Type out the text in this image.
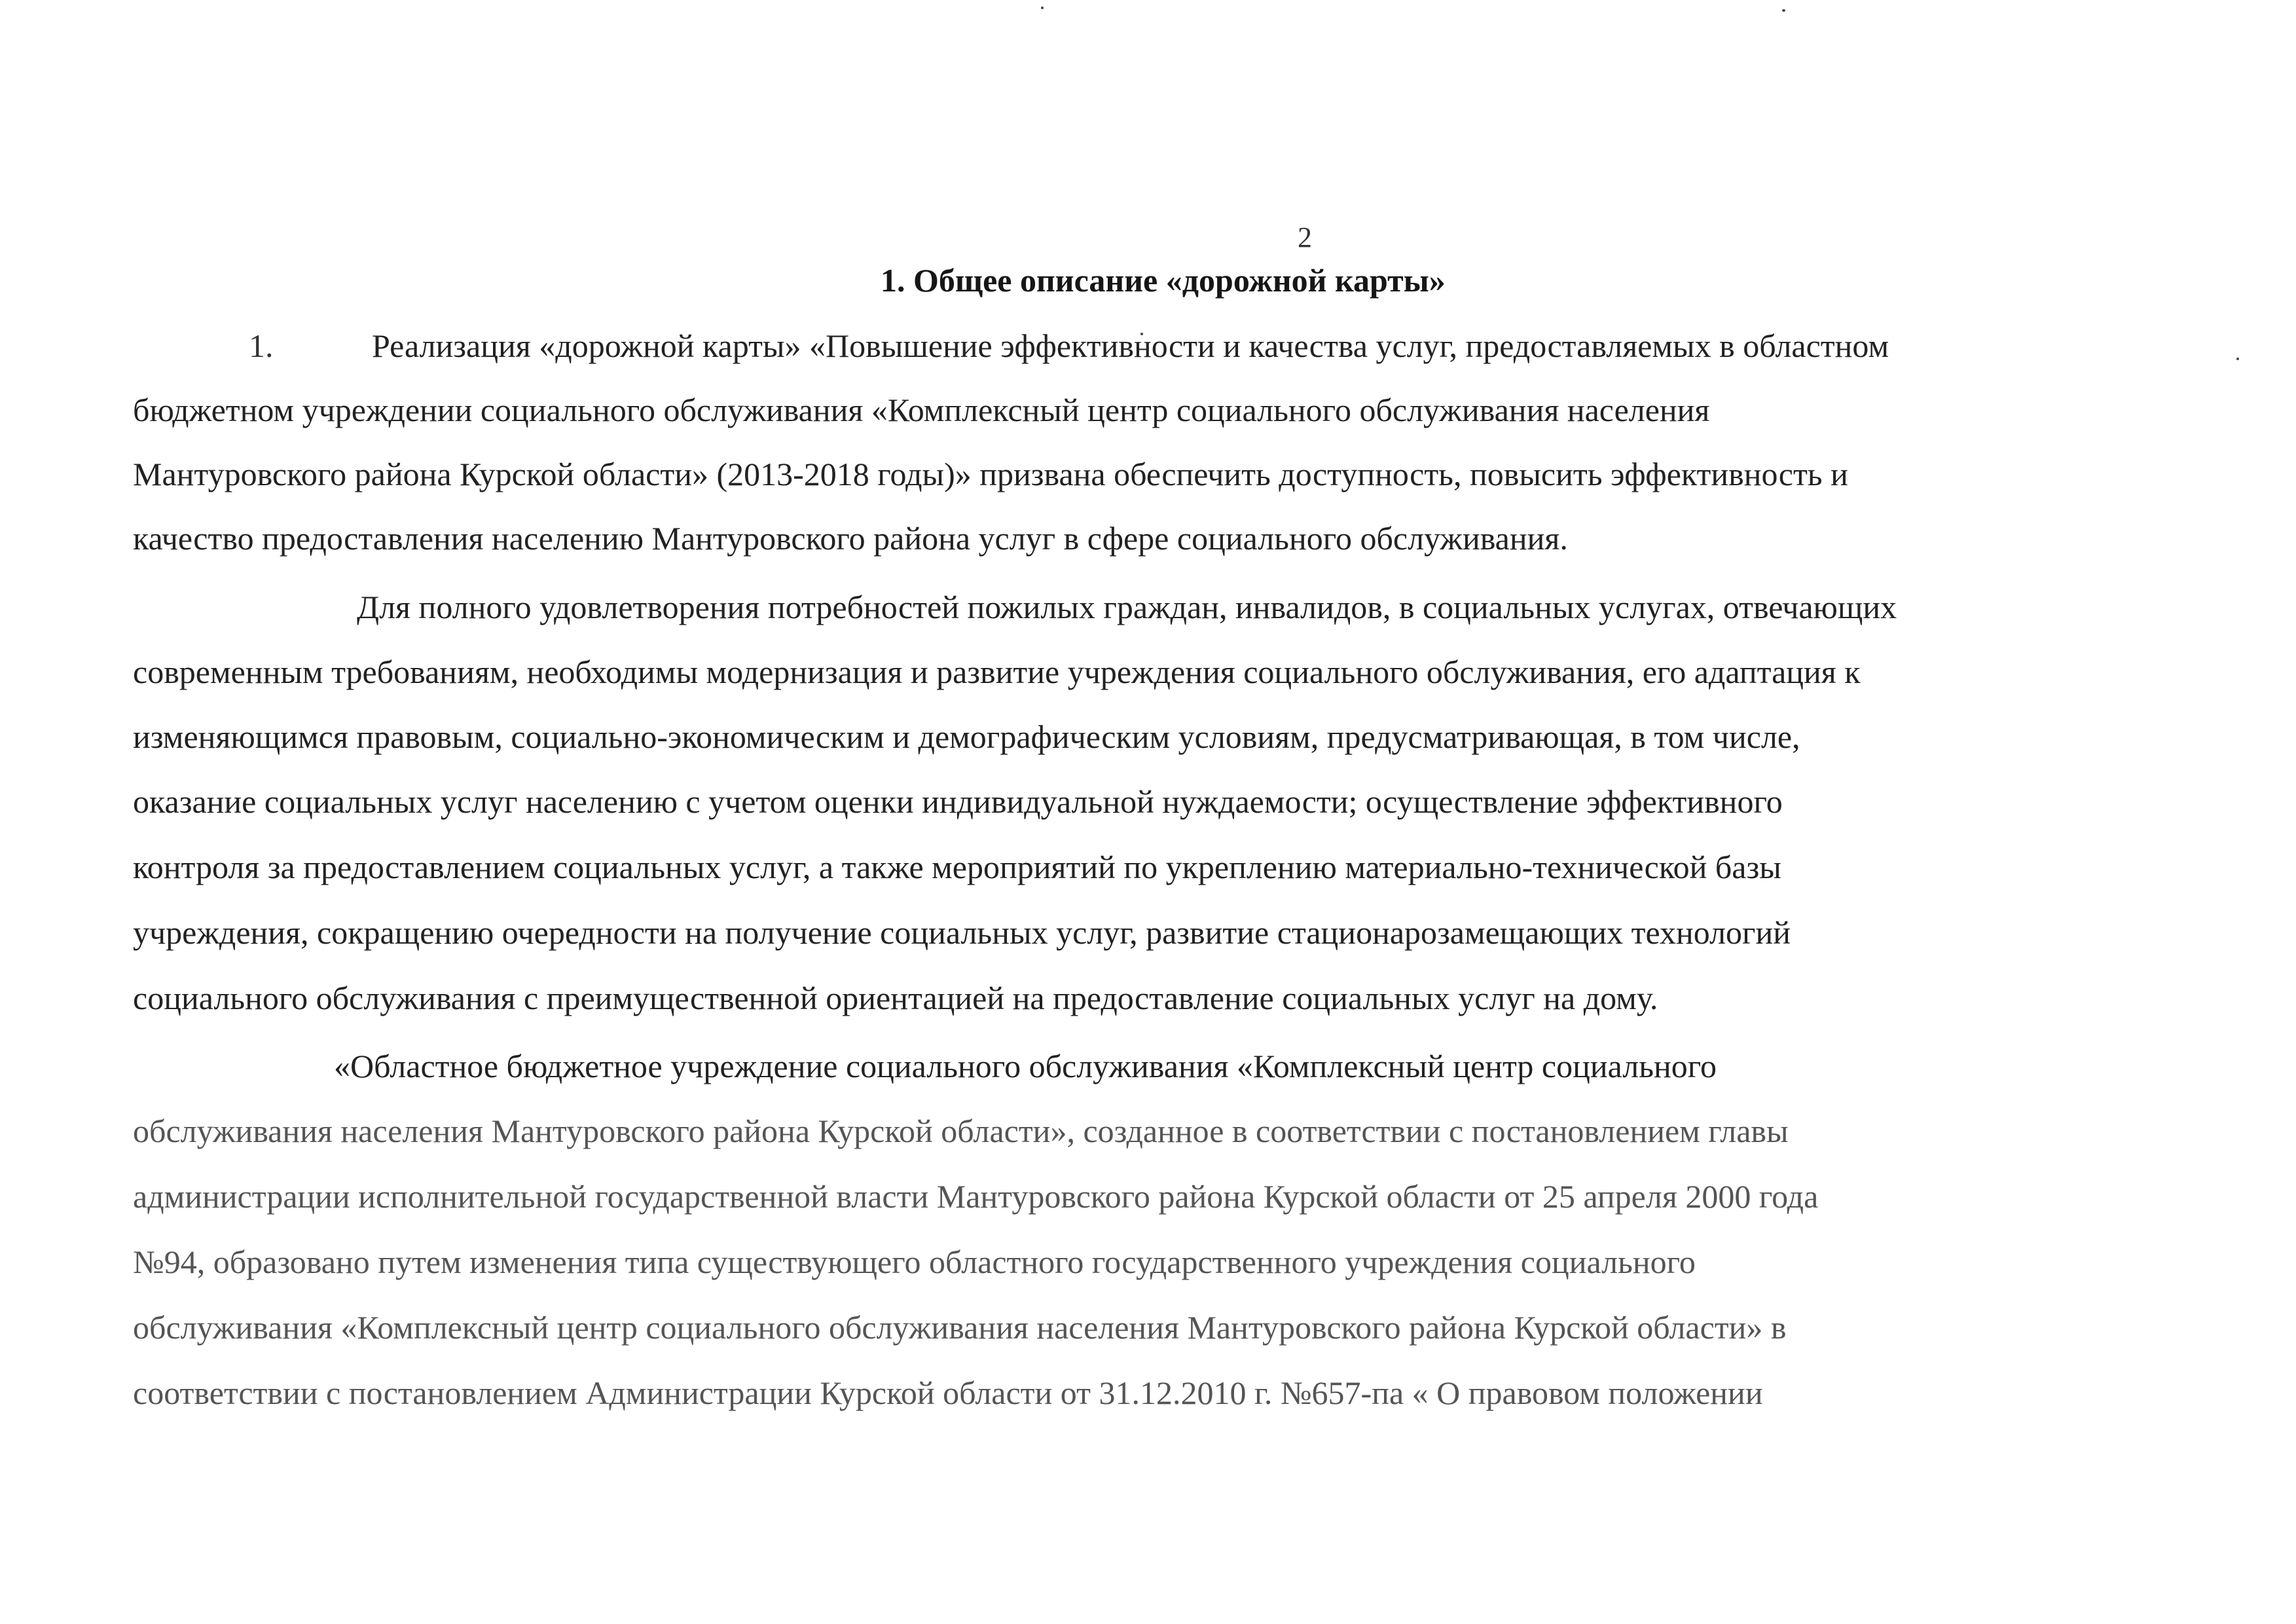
2
1. Общее описание «дорожной карты»
1.	Реализация «дорожной карты» «Повышение эффективности и качества услуг, предоставляемых в областном
бюджетном учреждении социального обслуживания «Комплексный центр социального обслуживания населения
Мантуровского района Курской области» (2013-2018 годы)» призвана обеспечить доступность, повысить эффективность и
качество предоставления населению Мантуровского района услуг в сфере социального обслуживания.
Для полного удовлетворения потребностей пожилых граждан, инвалидов, в социальных услугах, отвечающих
современным требованиям, необходимы модернизация и развитие учреждения социального обслуживания, его адаптация к
изменяющимся правовым, социально-экономическим и демографическим условиям, предусматривающая, в том числе,
оказание социальных услуг населению с учетом оценки индивидуальной нуждаемости; осуществление эффективного
контроля за предоставлением социальных услуг, а также мероприятий по укреплению материально-технической базы
учреждения, сокращению очередности на получение социальных услуг, развитие стационарозамещающих технологий
социального обслуживания с преимущественной ориентацией на предоставление социальных услуг на дому.
«Областное бюджетное учреждение социального обслуживания «Комплексный центр социального
обслуживания населения Мантуровского района Курской области», созданное в соответствии с постановлением главы
администрации исполнительной государственной власти Мантуровского района Курской области от 25 апреля 2000 года
№94, образовано путем изменения типа существующего областного государственного учреждения социального
обслуживания «Комплексный центр социального обслуживания населения Мантуровского района Курской области» в
соответствии с постановлением Администрации Курской области от 31.12.2010 г. №657-па « О правовом положении
